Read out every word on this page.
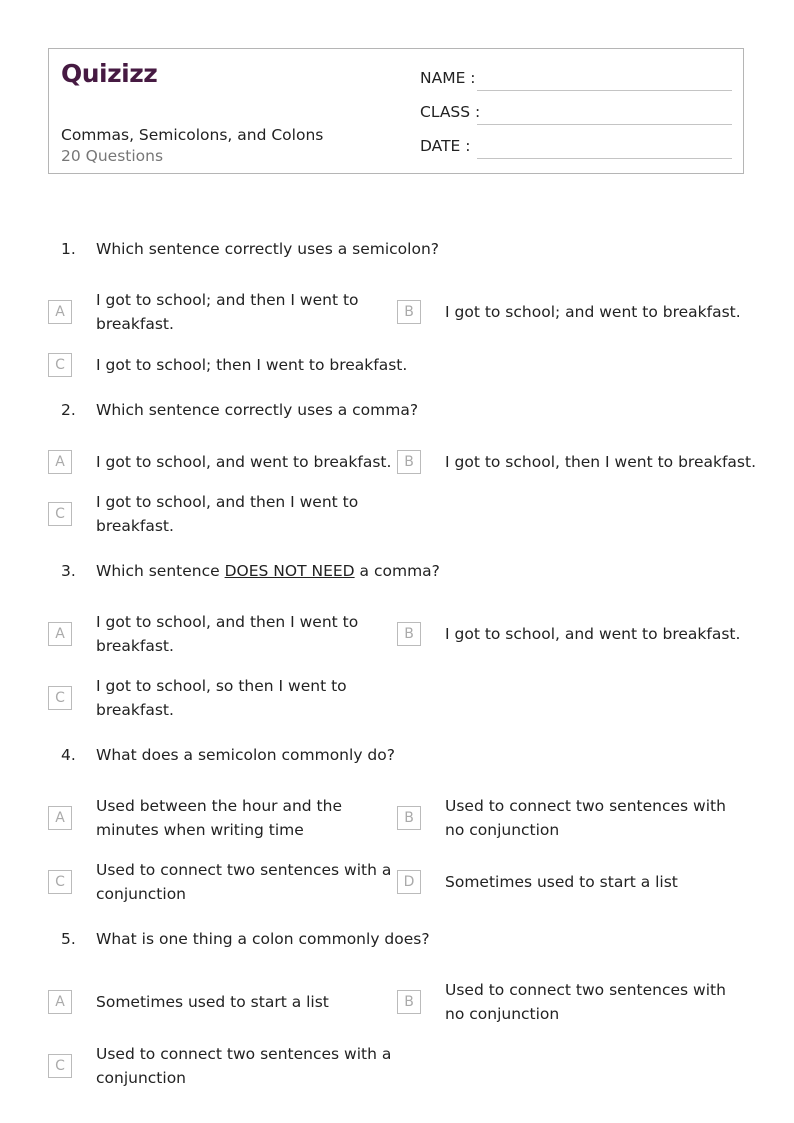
Quizizz
Commas, Semicolons, and Colons
20 Questions
NAME :
CLASS :
DATE :
1. Which sentence correctly uses a semicolon?
A
I got to school; and then I went to breakfast.
B	I got to school; and went to breakfast.
C	I got to school; then I went to breakfast.
2. Which sentence correctly uses a comma?
A	I got to school, and went to breakfast. B	I got to school, then I went to breakfast.
C
I got to school, and then I went to breakfast.
3. Which sentence DOES NOT NEED a comma?
A
I got to school, and then I went to breakfast.
B	I got to school, and went to breakfast.
C
I got to school, so then I went to breakfast.
4. What does a semicolon commonly do?
A
Used between the hour and the minutes when writing time
B
Used to connect two sentences with no conjunction
C
Used to connect two sentences with a conjunction
D	Sometimes used to start a list
5. What is one thing a colon commonly does?
A	Sometimes used to start a list	B
Used to connect two sentences with no conjunction
C
Used to connect two sentences with a conjunction
